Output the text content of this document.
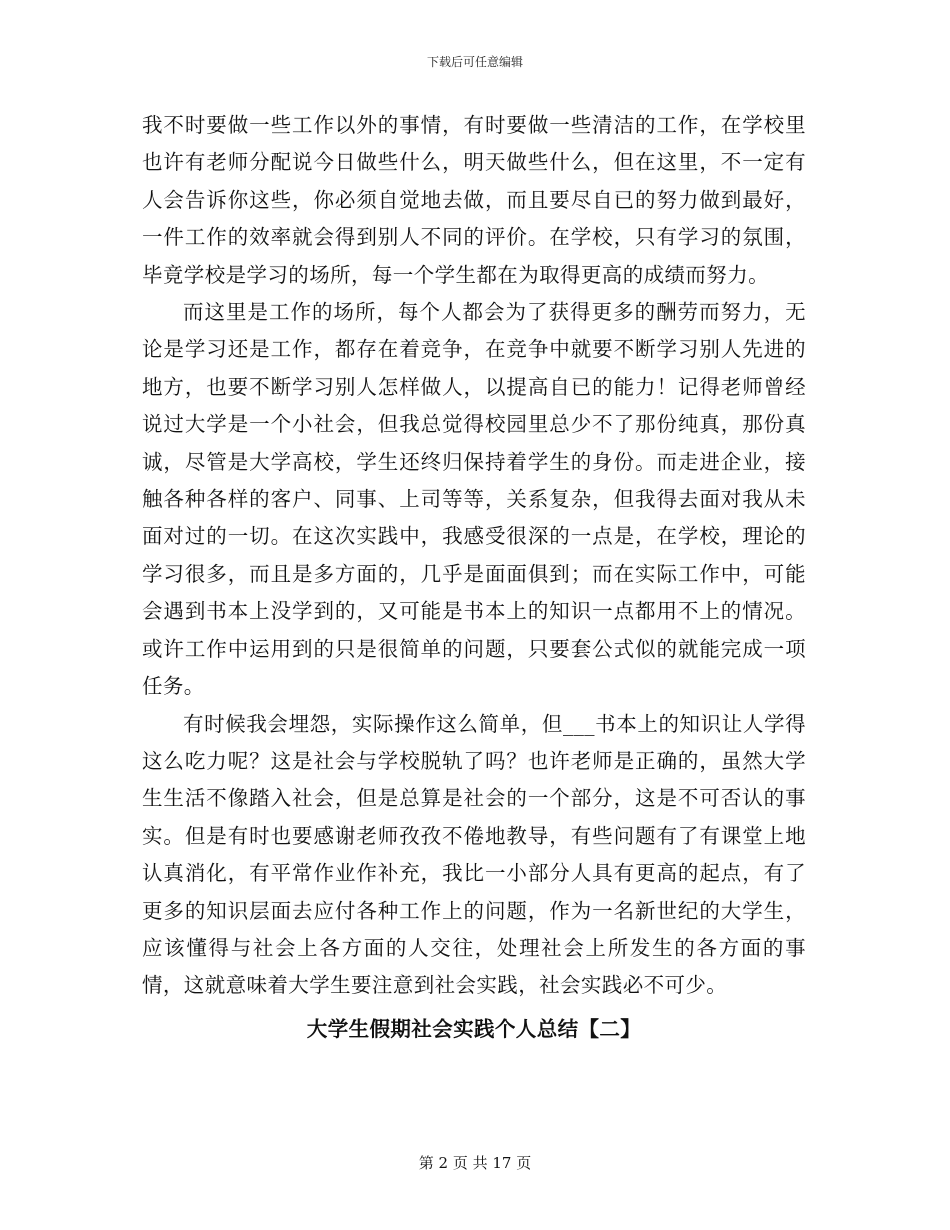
下载后可任意编辑

我不时要做一些工作以外的事情，有时要做一些清洁的工作，在学校里也许有老师分配说今日做些什么，明天做些什么，但在这里，不一定有人会告诉你这些，你必须自觉地去做，而且要尽自已的努力做到最好，一件工作的效率就会得到别人不同的评价。在学校，只有学习的氛围，毕竟学校是学习的场所，每一个学生都在为取得更高的成绩而努力。

而这里是工作的场所，每个人都会为了获得更多的酬劳而努力，无论是学习还是工作，都存在着竞争，在竞争中就要不断学习别人先进的地方，也要不断学习别人怎样做人，以提高自已的能力！记得老师曾经说过大学是一个小社会，但我总觉得校园里总少不了那份纯真，那份真诚，尽管是大学高校，学生还终归保持着学生的身份。而走进企业，接触各种各样的客户、同事、上司等等，关系复杂，但我得去面对我从未面对过的一切。在这次实践中，我感受很深的一点是，在学校，理论的学习很多，而且是多方面的，几乎是面面俱到；而在实际工作中，可能会遇到书本上没学到的，又可能是书本上的知识一点都用不上的情况。或许工作中运用到的只是很简单的问题，只要套公式似的就能完成一项任务。

有时候我会埋怨，实际操作这么简单，但___书本上的知识让人学得这么吃力呢？这是社会与学校脱轨了吗？也许老师是正确的，虽然大学生生活不像踏入社会，但是总算是社会的一个部分，这是不可否认的事实。但是有时也要感谢老师孜孜不倦地教导，有些问题有了有课堂上地认真消化，有平常作业作补充，我比一小部分人具有更高的起点，有了更多的知识层面去应付各种工作上的问题，作为一名新世纪的大学生，应该懂得与社会上各方面的人交往，处理社会上所发生的各方面的事情，这就意味着大学生要注意到社会实践，社会实践必不可少。

大学生假期社会实践个人总结【二】
第 2 页 共 17 页
